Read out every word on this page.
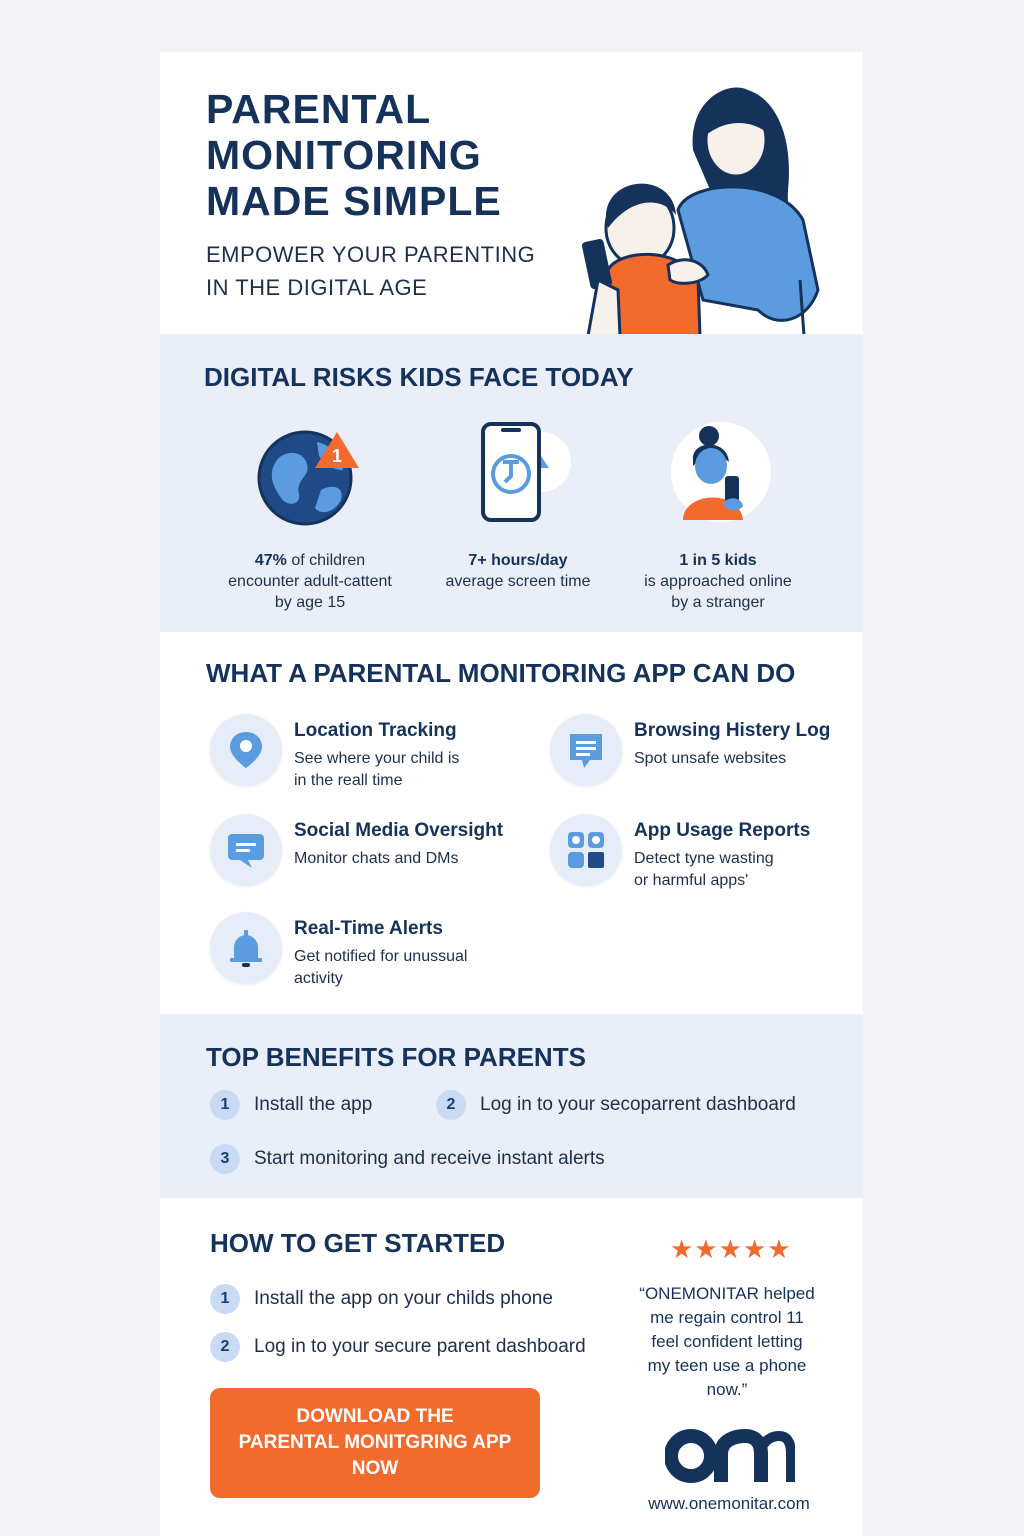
PARENTAL
MONITORING
MADE SIMPLE

EMPOWER YOUR PARENTING
IN THE DIGITAL AGE

DIGITAL RISKS KIDS FACE TODAY
1
47% of children
encounter adult-cattent
by age 15
7+ hours/day
average screen time
1 in 5 kids
is approached online
by a stranger
WHAT A PARENTAL MONITORING APP CAN DO
Location Tracking
See where your child is
in the reall time
Browsing Histery Log
Spot unsafe websites
Social Media Oversight
Monitor chats and DMs
App Usage Reports
Detect tyne wasting
or harmful apps'
Real-Time Alerts
Get notified for unussual
activity
TOP BENEFITS FOR PARENTS
1 Install the app	2 Log in to your secoparrent dashboard
3 Start monitoring and receive instant alerts
HOW TO GET STARTED
1 Install the app on your childs phone
2 Log in to your secure parent dashboard
DOWNLOAD THE
PARENTAL MONITGRING APP
NOW
★★★★★
“ONEMONITAR helped
me regain control 11
feel confident letting
my teen use a phone
now.”
www.onemonitar.com
